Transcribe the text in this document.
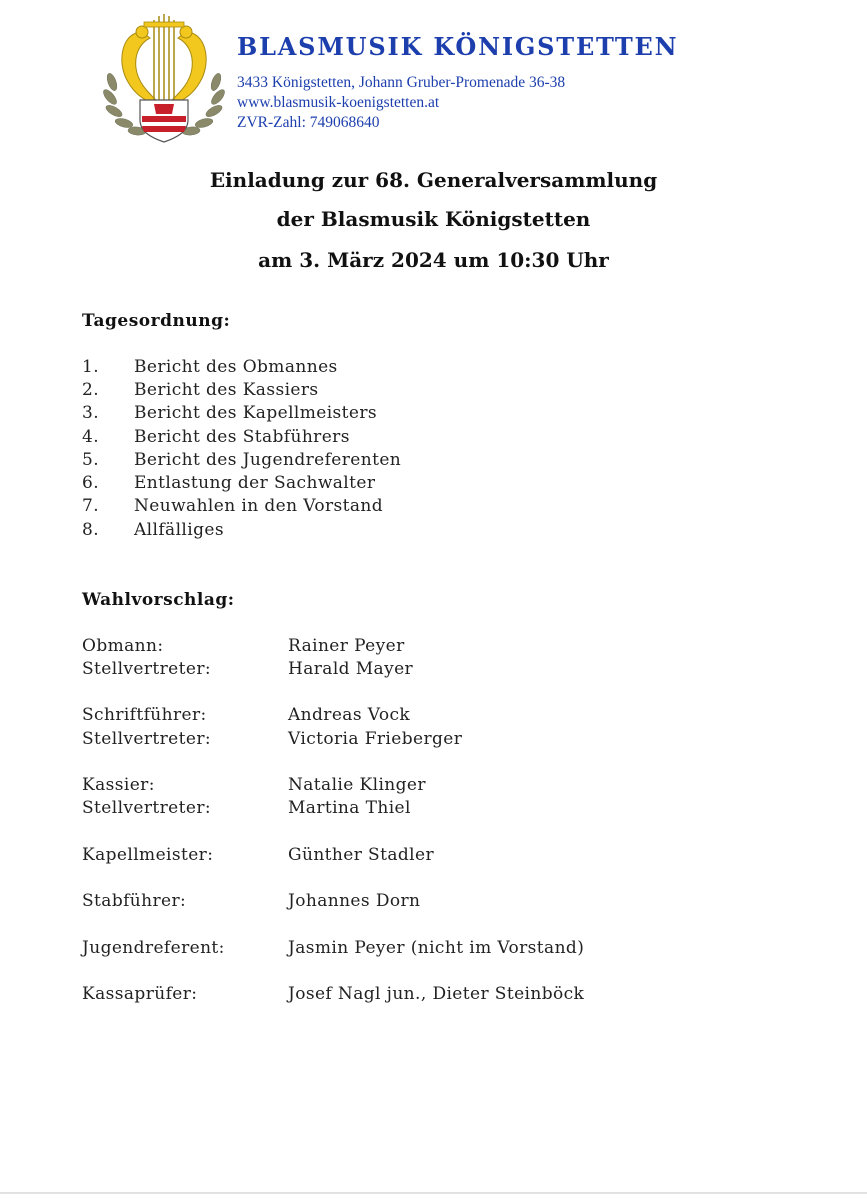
BLASMUSIK KÖNIGSTETTEN
3433 Königstetten, Johann Gruber-Promenade 36-38
www.blasmusik-koenigstetten.at
ZVR-Zahl: 749068640
Einladung zur 68. Generalversammlung
der Blasmusik Königstetten
am 3. März 2024 um 10:30 Uhr
Tagesordnung:
1. Bericht des Obmannes
2. Bericht des Kassiers
3. Bericht des Kapellmeisters
4. Bericht des Stabführers
5. Bericht des Jugendreferenten
6. Entlastung der Sachwalter
7. Neuwahlen in den Vorstand
8. Allfälliges
Wahlvorschlag:
Obmann:	Rainer Peyer
Stellvertreter:	Harald Mayer
Schriftführer:	Andreas Vock
Stellvertreter:	Victoria Frieberger
Kassier:	Natalie Klinger
Stellvertreter:	Martina Thiel
Kapellmeister:	Günther Stadler
Stabführer:	Johannes Dorn
Jugendreferent:	Jasmin Peyer (nicht im Vorstand)
Kassaprüfer:	Josef Nagl jun., Dieter Steinböck
